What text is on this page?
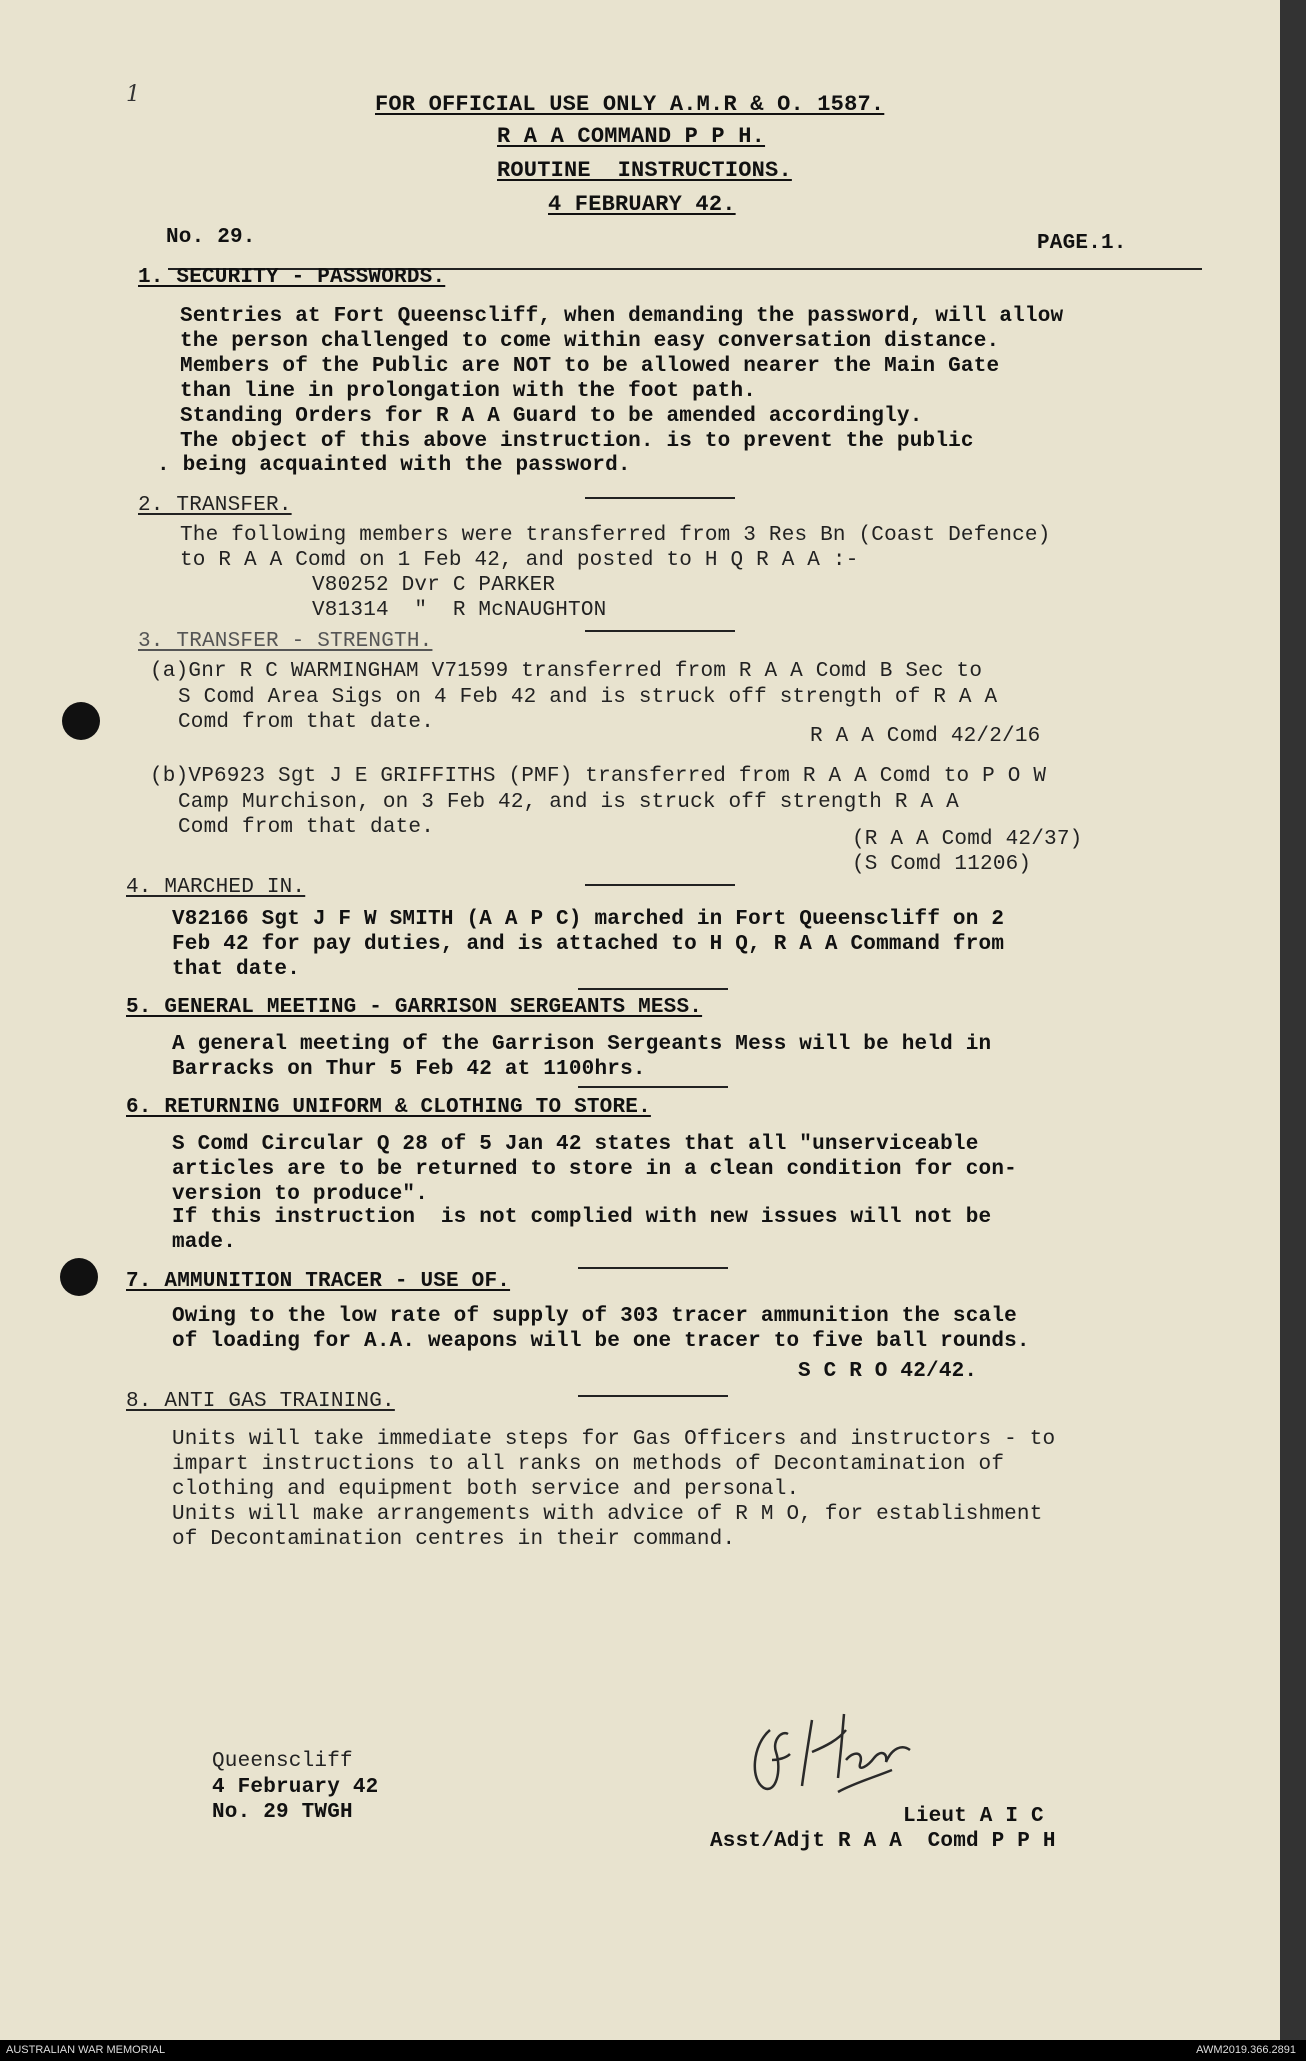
1	FOR OFFICIAL USE ONLY A.M.R & O. 1587.
R A A COMMAND P P H.
ROUTINE  INSTRUCTIONS.
4 FEBRUARY 42.
No. 29.	PAGE.1.
1. SECURITY - PASSWORDS.
Sentries at Fort Queenscliff, when demanding the password, will allow
the person challenged to come within easy conversation distance.
Members of the Public are NOT to be allowed nearer the Main Gate
than line in prolongation with the foot path.
Standing Orders for R A A Guard to be amended accordingly.
The object of this above instruction. is to prevent the public
. being acquainted with the password.
2. TRANSFER.
The following members were transferred from 3 Res Bn (Coast Defence)
to R A A Comd on 1 Feb 42, and posted to H Q R A A :-
V80252 Dvr C PARKER
V81314  "  R McNAUGHTON
3. TRANSFER - STRENGTH.
(a)Gnr R C WARMINGHAM V71599 transferred from R A A Comd B Sec to
S Comd Area Sigs on 4 Feb 42 and is struck off strength of R A A
Comd from that date.
R A A Comd 42/2/16
(b)VP6923 Sgt J E GRIFFITHS (PMF) transferred from R A A Comd to P O W
Camp Murchison, on 3 Feb 42, and is struck off strength R A A
Comd from that date.
(R A A Comd 42/37)
(S Comd 11206)
4. MARCHED IN.
V82166 Sgt J F W SMITH (A A P C) marched in Fort Queenscliff on 2
Feb 42 for pay duties, and is attached to H Q, R A A Command from
that date.
5. GENERAL MEETING - GARRISON SERGEANTS MESS.
A general meeting of the Garrison Sergeants Mess will be held in
Barracks on Thur 5 Feb 42 at 1100hrs.
6. RETURNING UNIFORM & CLOTHING TO STORE.
S Comd Circular Q 28 of 5 Jan 42 states that all "unserviceable
articles are to be returned to store in a clean condition for con-
version to produce".
If this instruction  is not complied with new issues will not be
made.
7. AMMUNITION TRACER - USE OF.
Owing to the low rate of supply of 303 tracer ammunition the scale
of loading for A.A. weapons will be one tracer to five ball rounds.
S C R O 42/42.
8. ANTI GAS TRAINING.
Units will take immediate steps for Gas Officers and instructors - to
impart instructions to all ranks on methods of Decontamination of
clothing and equipment both service and personal.
Units will make arrangements with advice of R M O, for establishment
of Decontamination centres in their command.
Queenscliff
4 February 42
No. 29 TWGH	Lieut A I C
Asst/Adjt R A A  Comd P P H
AUSTRALIAN WAR MEMORIAL	AWM2019.366.2891
